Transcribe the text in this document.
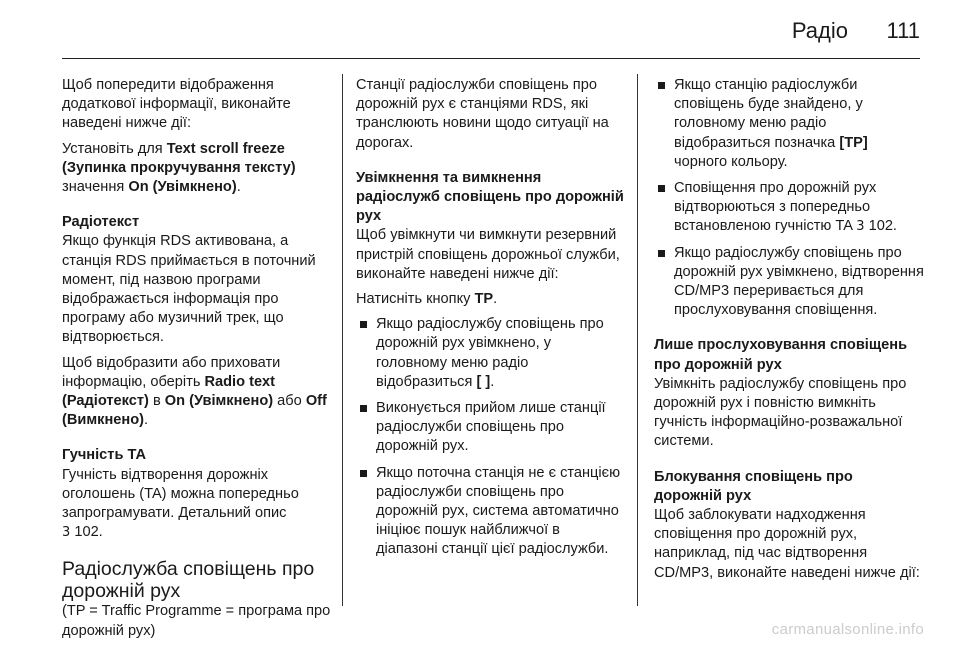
Радіо 111

Щоб попередити відображення додаткової інформації, виконайте наведені нижче дії:

Установіть для Text scroll freeze (Зупинка прокручування тексту) значення On (Увімкнено).

Радіотекст

Якщо функція RDS активована, а станція RDS приймається в поточний момент, під назвою програми відображається інформація про програму або музичний трек, що відтворюється.

Щоб відобразити або приховати інформацію, оберіть Radio text (Радіотекст) в On (Увімкнено) або Off (Вимкнено).

Гучність ТА

Гучність відтворення дорожніх оголошень (TA) можна попередньо запрограмувати. Детальний опис
3 102.

Радіослужба сповіщень про дорожній рух

(TP = Traffic Programme = програма про дорожній рух)

Станції радіослужби сповіщень про дорожній рух є станціями RDS, які транслюють новини щодо ситуації на дорогах.

Увімкнення та вимкнення радіослужб сповіщень про дорожній рух

Щоб увімкнути чи вимкнути резервний пристрій сповіщень дорожньої служби, виконайте наведені нижче дії:

Натисніть кнопку TP.

Якщо радіослужбу сповіщень про дорожній рух увімкнено, у головному меню радіо відобразиться [ ].
Виконується прийом лише станції радіослужби сповіщень про дорожній рух.
Якщо поточна станція не є станцією радіослужби сповіщень про дорожній рух, система автоматично ініціює пошук найближчої в діапазоні станції цієї радіослужби.
Якщо станцію радіослужби сповіщень буде знайдено, у головному меню радіо відобразиться позначка [TP] чорного кольору.
Сповіщення про дорожній рух відтворюються з попередньо встановленою гучністю TA 3 102.
Якщо радіослужбу сповіщень про дорожній рух увімкнено, відтворення CD/MP3 переривається для прослуховування сповіщення.
Лише прослуховування сповіщень про дорожній рух

Увімкніть радіослужбу сповіщень про дорожній рух і повністю вимкніть гучність інформаційно-розважальної системи.

Блокування сповіщень про дорожній рух

Щоб заблокувати надходження сповіщення про дорожній рух, наприклад, під час відтворення CD/MP3, виконайте наведені нижче дії:

carmanualsonline.info
